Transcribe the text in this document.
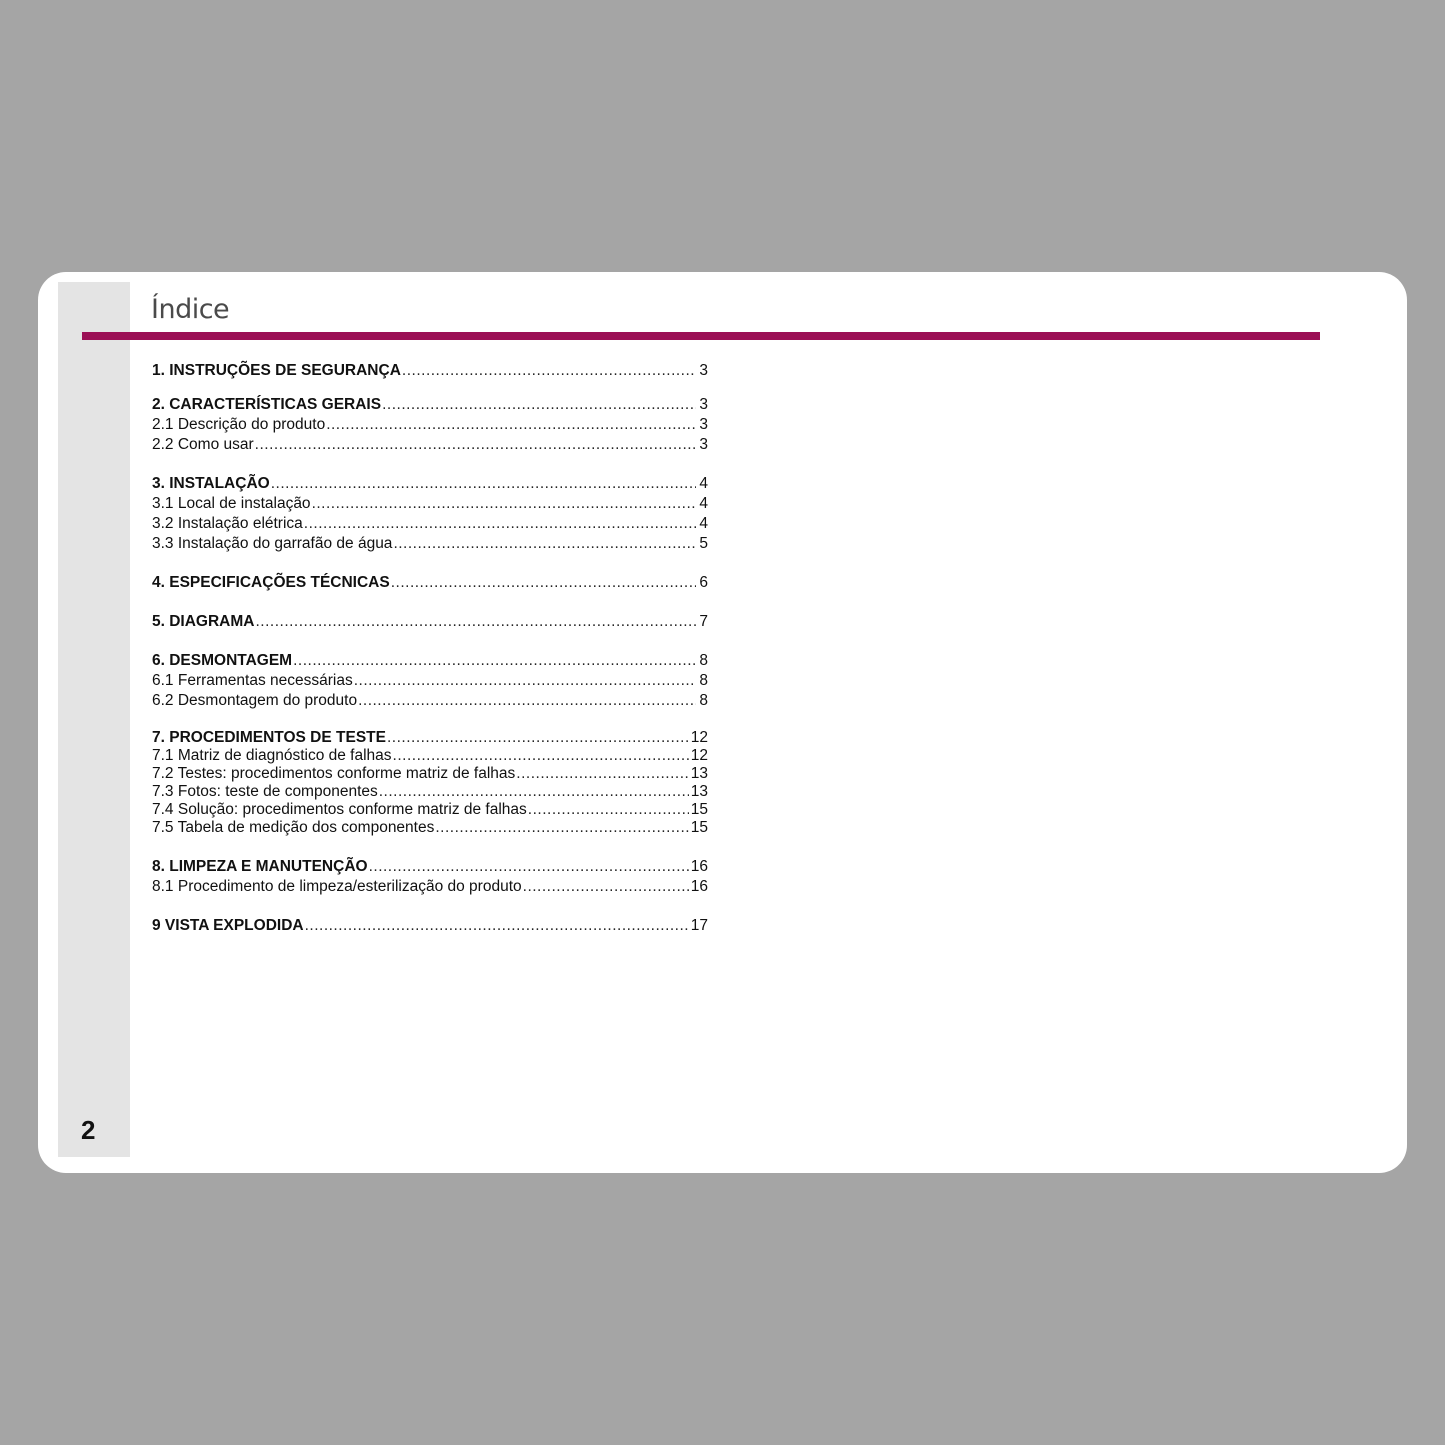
2
Índice
1. INSTRUÇÕES DE SEGURANÇA .....	3
2. CARACTERÍSTICAS GERAIS .....	3
2.1 Descrição do produto .....	3
2.2 Como usar .....	3
3. INSTALAÇÃO .....	4
3.1 Local de instalação .....	4
3.2 Instalação elétrica .....	4
3.3 Instalação do garrafão de água .....	5
4. ESPECIFICAÇÕES TÉCNICAS .....	6
5. DIAGRAMA .....	7
6. DESMONTAGEM .....	8
6.1 Ferramentas necessárias .....	8
6.2 Desmontagem do produto .....	8
7. PROCEDIMENTOS DE TESTE .....	12
7.1 Matriz de diagnóstico de falhas .....	12
7.2 Testes: procedimentos conforme matriz de falhas .....	13
7.3 Fotos: teste de componentes .....	13
7.4 Solução: procedimentos conforme matriz de falhas .....	15
7.5 Tabela de medição dos componentes .....	15
8. LIMPEZA E MANUTENÇÃO .....	16
8.1 Procedimento de limpeza/esterilização do produto .....	16
9 VISTA EXPLODIDA .....	17
